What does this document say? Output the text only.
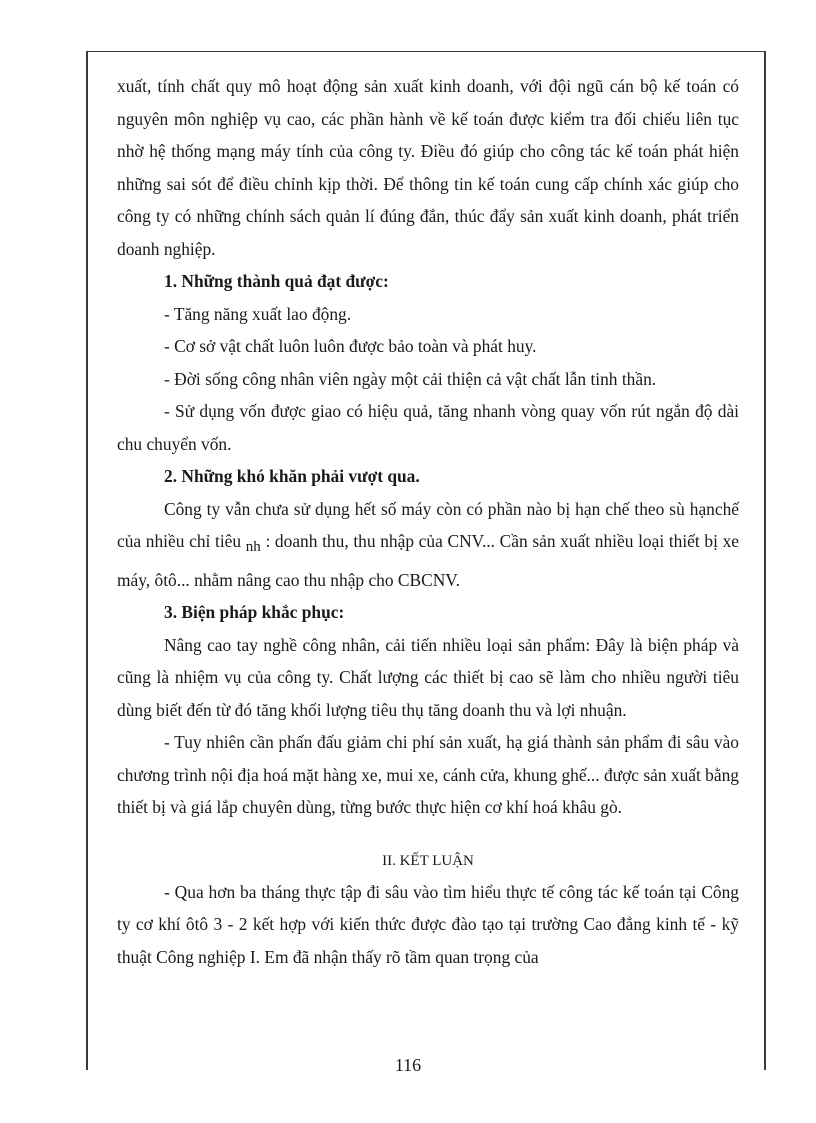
xuất, tính chất quy mô hoạt động sản xuất kinh doanh, với đội ngũ cán bộ kế toán có nguyên môn nghiệp vụ cao, các phần hành về kế toán được kiểm tra đối chiếu liên tục nhờ hệ thống mạng máy tính của công ty. Điều đó giúp cho công tác kế toán phát hiện những sai sót để điều chỉnh kịp thời. Để thông tin kế toán cung cấp chính xác giúp cho công ty có những chính sách quản lí đúng đắn, thúc đẩy sản xuất kinh doanh, phát triển doanh nghiệp.

1. Những thành quả đạt được:

- Tăng năng xuất lao động.

- Cơ sở vật chất luôn luôn được bảo toàn và phát huy.

- Đời sống công nhân viên ngày một cải thiện cả vật chất lẫn tinh thần.

- Sử dụng vốn được giao có hiệu quả, tăng nhanh vòng quay vốn rút ngắn độ dài chu chuyển vốn.

2. Những khó khăn phải vượt qua.

Công ty vẫn chưa sử dụng hết số máy còn có phần nào bị hạn chế theo sù hạnchế của nhiều chỉ tiêu $_{nh}$ : doanh thu, thu nhập của CNV... Cần sản xuất nhiều loại thiết bị xe máy, ôtô... nhằm nâng cao thu nhập cho CBCNV.

3. Biện pháp khắc phục:

Nâng cao tay nghề công nhân, cải tiến nhiều loại sản phẩm: Đây là biện pháp và cũng là nhiệm vụ của công ty. Chất lượng các thiết bị cao sẽ làm cho nhiều người tiêu dùng biết đến từ đó tăng khối lượng tiêu thụ tăng doanh thu và lợi nhuận.

- Tuy nhiên cần phấn đấu giảm chi phí sản xuất, hạ giá thành sản phẩm đi sâu vào chương trình nội địa hoá mặt hàng xe, mui xe, cánh cửa, khung ghế... được sản xuất bằng thiết bị và giá lắp chuyên dùng, từng bước thực hiện cơ khí hoá khâu gò.

II. KẾT LUẬN

- Qua hơn ba tháng thực tập đi sâu vào tìm hiểu thực tế công tác kế toán tại Công ty cơ khí ôtô 3 - 2 kết hợp với kiến thức được đào tạo tại trường Cao đẳng kinh tế - kỹ thuật Công nghiệp I. Em đã nhận thấy rõ tầm quan trọng của

116
